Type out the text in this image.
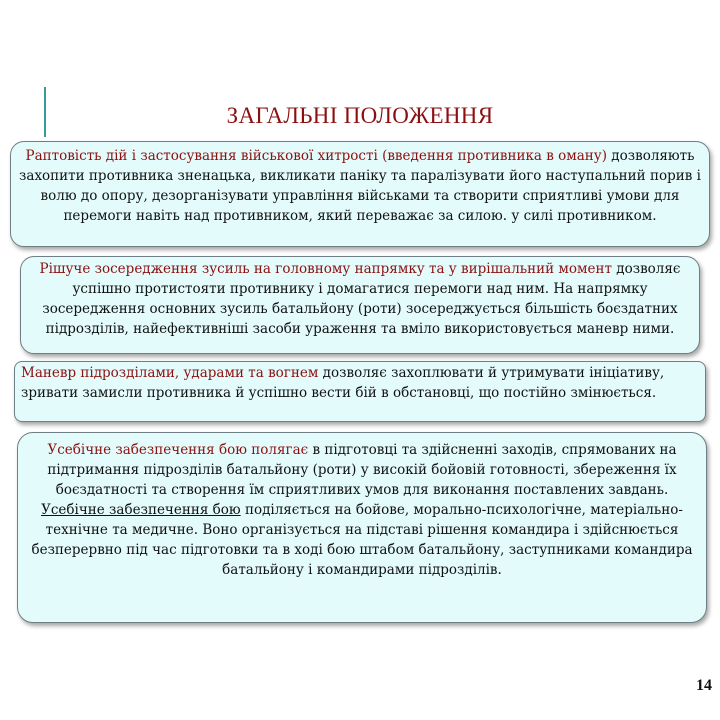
ЗАГАЛЬНІ ПОЛОЖЕННЯ
Раптовість дій і застосування військової хитрості (введення противника в оману) дозволяють захопити противника зненацька, викликати паніку та паралізувати його наступальний порив і волю до опору, дезорганізувати управління військами та створити сприятливі умови для перемоги навіть над противником, який переважає за силою. у силі противником.
Рішуче зосередження зусиль на головному напрямку та у вирішальний момент дозволяє успішно протистояти противнику і домагатися перемоги над ним. На напрямку зосередження основних зусиль батальйону (роти) зосереджується більшість боєздатних підрозділів, найефективніші засоби ураження та вміло використовується маневр ними.
Маневр підрозділами, ударами та вогнем дозволяє захоплювати й утримувати ініціативу, зривати замисли противника й успішно вести бій в обстановці, що постійно змінюється.
Усебічне забезпечення бою полягає в підготовці та здійсненні заходів, спрямованих на підтримання підрозділів батальйону (роти) у високій бойовій готовності, збереження їх боєздатності та створення їм сприятливих умов для виконання поставлених завдань. Усебічне забезпечення бою поділяється на бойове, морально-психологічне, матеріально-технічне та медичне. Воно організується на підставі рішення командира і здійснюється безперервно під час підготовки та в ході бою штабом батальйону, заступниками командира батальйону і командирами підрозділів.
14
